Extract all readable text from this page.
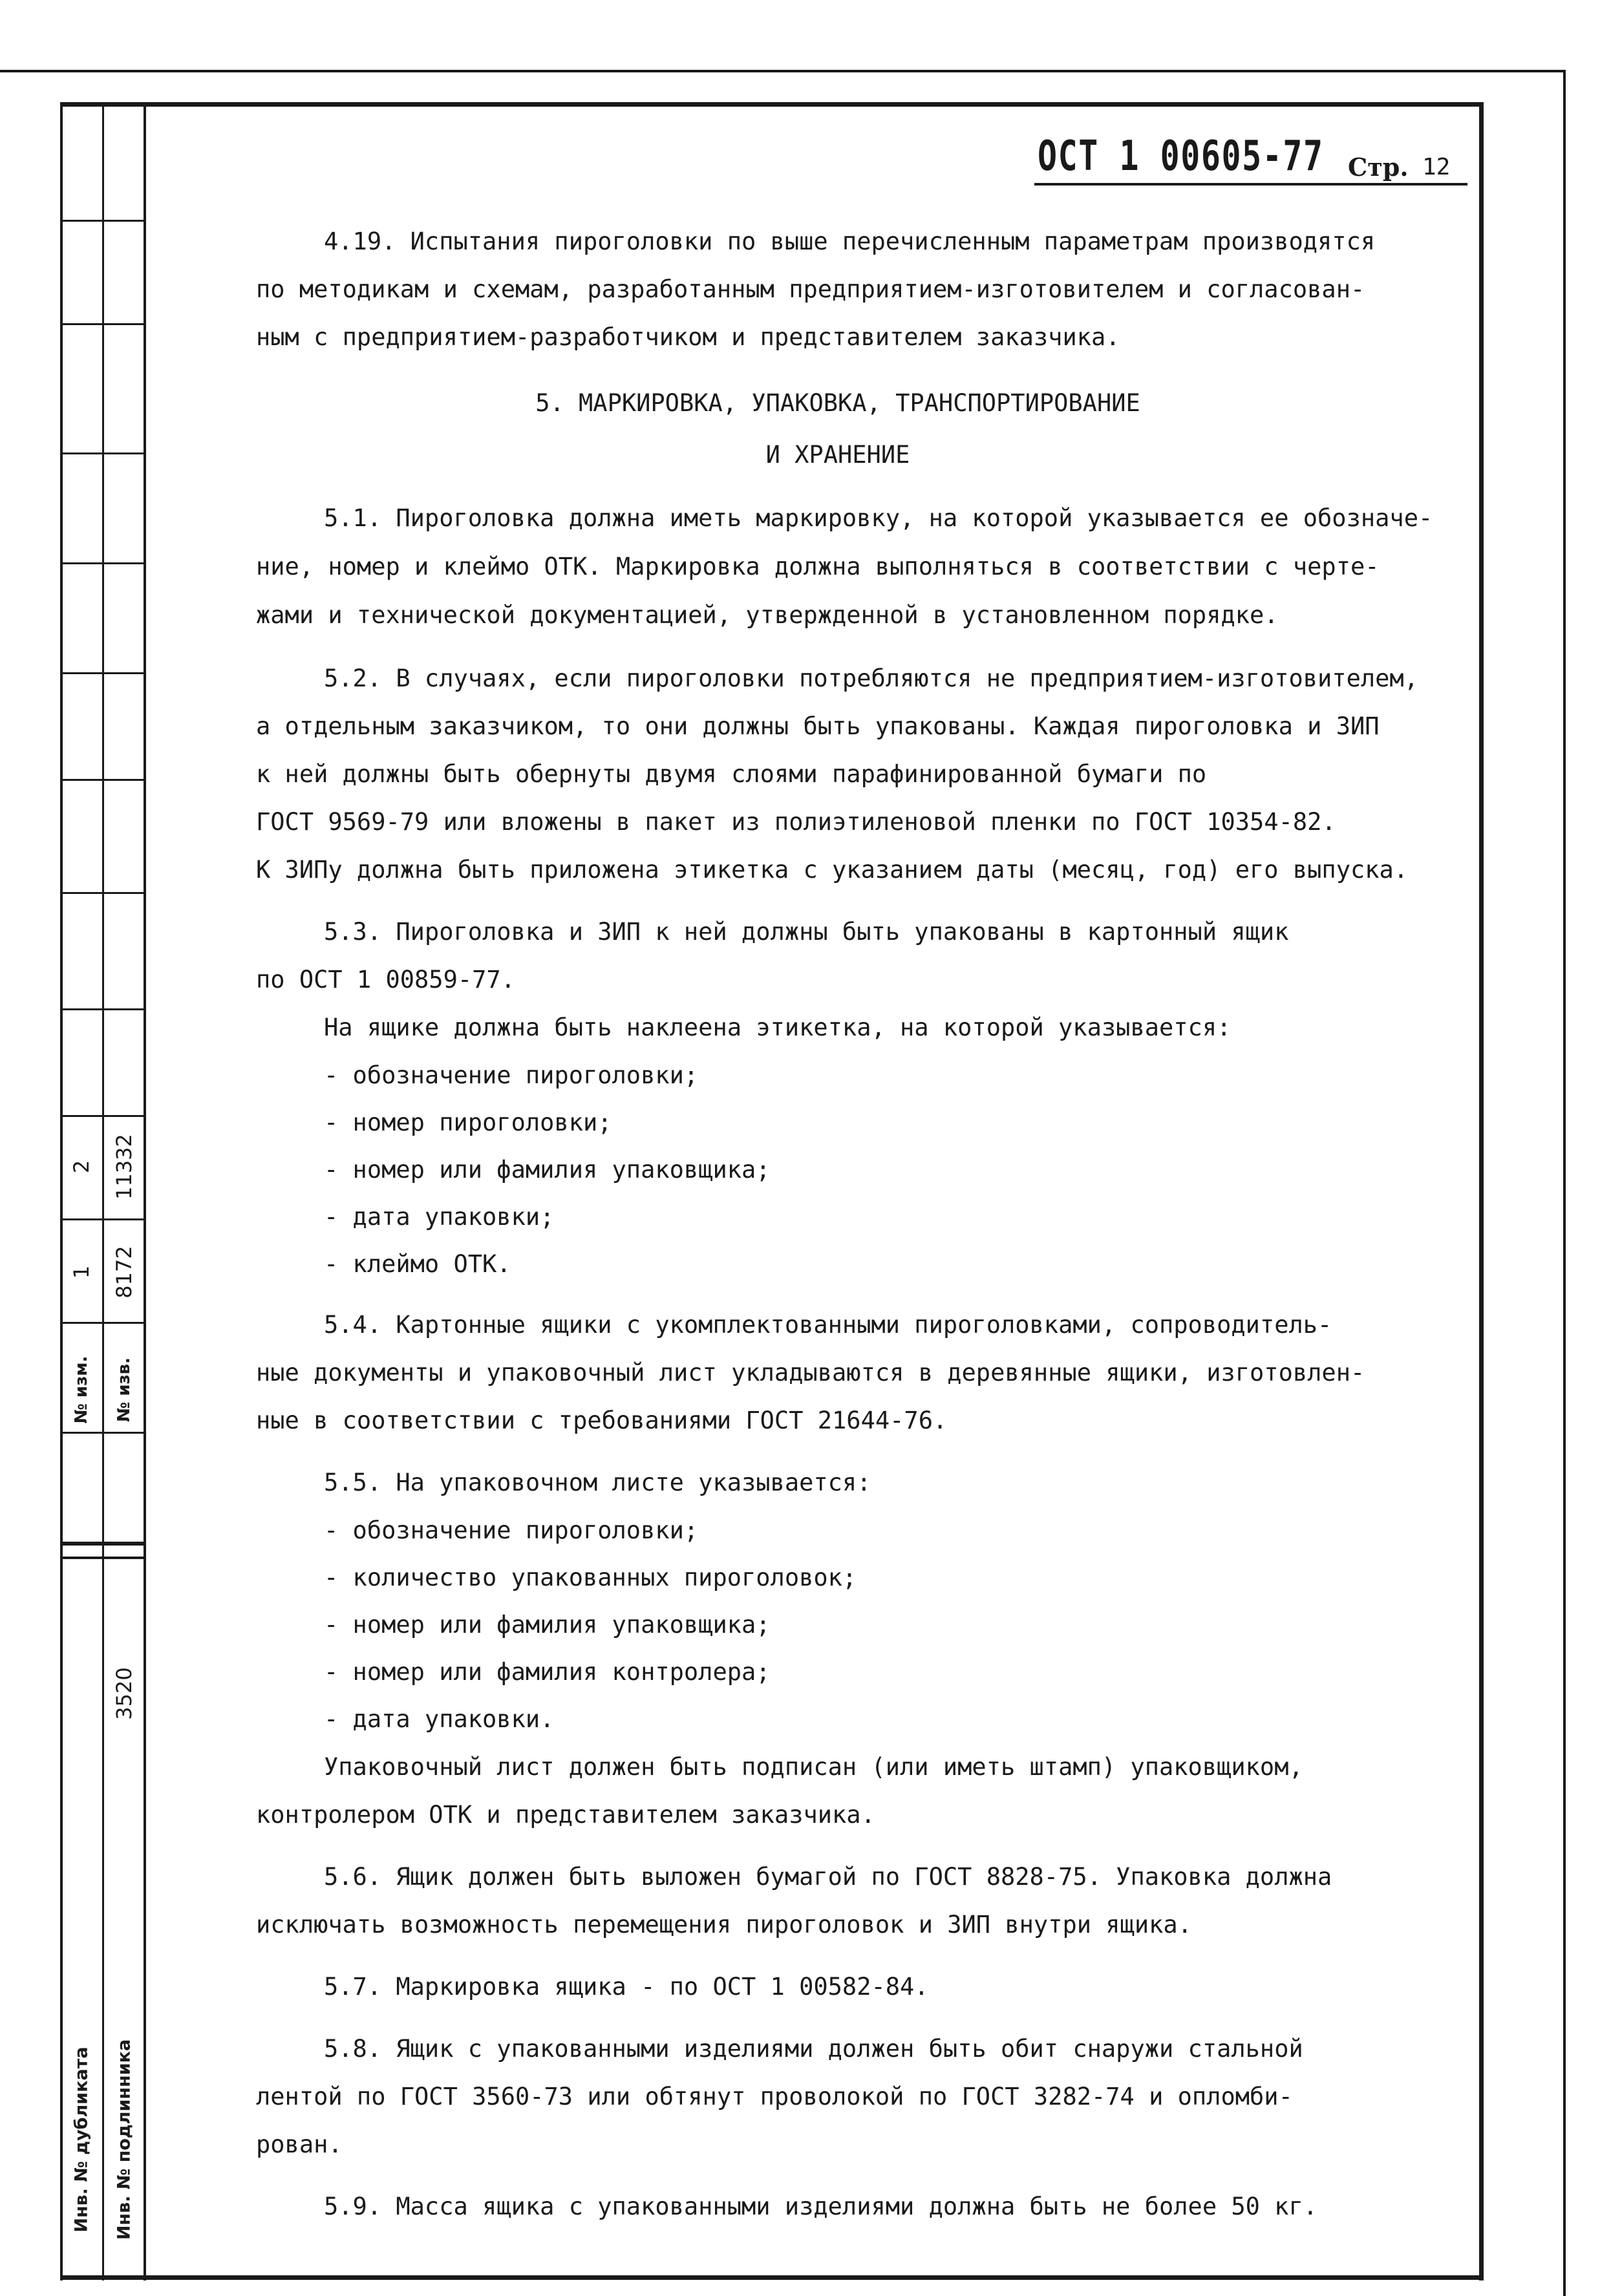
№ изм. № изв.
1
2
8172
11332
3520
Инв. № дубликата Инв. № подлинника
ОСТ 1 00605-77 Стр. 12
4.19. Испытания пироголовки по выше перечисленным параметрам производятся
по методикам и схемам, разработанным предприятием-изготовителем и согласован-
ным с предприятием-разработчиком и представителем заказчика.
5. МАРКИРОВКА, УПАКОВКА, ТРАНСПОРТИРОВАНИЕ
И ХРАНЕНИЕ
5.1. Пироголовка должна иметь маркировку, на которой указывается ее обозначе-
ние, номер и клеймо ОТК. Маркировка должна выполняться в соответствии с черте-
жами и технической документацией, утвержденной в установленном порядке.
5.2. В случаях, если пироголовки потребляются не предприятием-изготовителем,
а отдельным заказчиком, то они должны быть упакованы. Каждая пироголовка и ЗИП
к ней должны быть обернуты двумя слоями парафинированной бумаги по
ГОСТ 9569-79 или вложены в пакет из полиэтиленовой пленки по ГОСТ 10354-82.
К ЗИПу должна быть приложена этикетка с указанием даты (месяц, год) его выпуска.
5.3. Пироголовка и ЗИП к ней должны быть упакованы в картонный ящик
по ОСТ 1 00859-77.
На ящике должна быть наклеена этикетка, на которой указывается:
- обозначение пироголовки;
- номер пироголовки;
- номер или фамилия упаковщика;
- дата упаковки;
- клеймо ОТК.
5.4. Картонные ящики с укомплектованными пироголовками, сопроводитель-
ные документы и упаковочный лист укладываются в деревянные ящики, изготовлен-
ные в соответствии с требованиями ГОСТ 21644-76.
5.5. На упаковочном листе указывается:
- обозначение пироголовки;
- количество упакованных пироголовок;
- номер или фамилия упаковщика;
- номер или фамилия контролера;
- дата упаковки.
Упаковочный лист должен быть подписан (или иметь штамп) упаковщиком,
контролером ОТК и представителем заказчика.
5.6. Ящик должен быть выложен бумагой по ГОСТ 8828-75. Упаковка должна
исключать возможность перемещения пироголовок и ЗИП внутри ящика.
5.7. Маркировка ящика - по ОСТ 1 00582-84.
5.8. Ящик с упакованными изделиями должен быть обит снаружи стальной
лентой по ГОСТ 3560-73 или обтянут проволокой по ГОСТ 3282-74 и опломби-
рован.
5.9. Масса ящика с упакованными изделиями должна быть не более 50 кг.
